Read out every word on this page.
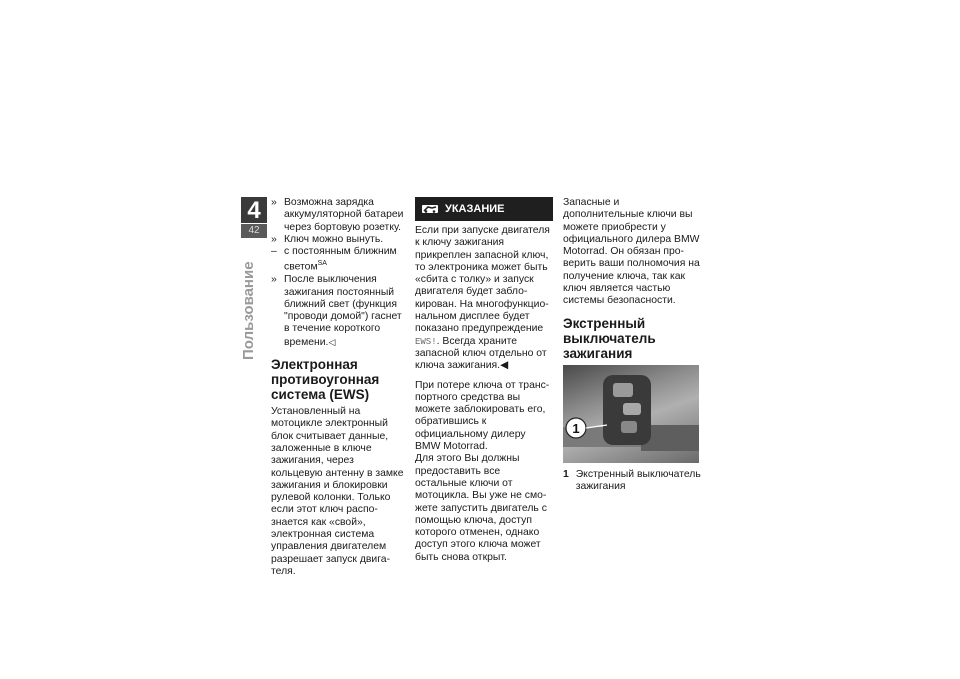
4
42
Пользование
» Возможна зарядка аккумуляторной батареи через бортовую розетку.
» Ключ можно вынуть.
– с постоянным ближним светом$^{SA}$
» После выключения зажигания постоянный ближний свет (функция "проводи домой") гаснет в течение короткого времени.◁
Электронная противоугонная система (EWS)

Установленный на мотоцикле электронный блок считывает данные, заложенные в ключе зажигания, через кольцевую антенну в замке зажигания и блокировки рулевой колонки. Только если этот ключ распознается как «свой», электронная система управления двигателем разрешает запуск двигателя.

УКАЗАНИЕ

Если при запуске двигателя к ключу зажигания прикреплен запасной ключ, то электроника может быть «сбита с толку» и запуск двигателя будет заблокирован. На многофункциональном дисплее будет показано предупреждение EWS!. Всегда храните запасной ключ отдельно от ключа зажигания.◀

При потере ключа от транспортного средства вы можете заблокировать его, обратившись к официальному дилеру BMW Motorrad.

Для этого Вы должны предоставить все остальные ключи от мотоцикла. Вы уже не сможете запустить двигатель с помощью ключа, доступ которого отменен, однако доступ этого ключа может быть снова открыт.

Запасные и дополнительные ключи вы можете приобрести у официального дилера BMW Motorrad. Он обязан проверить ваши полномочия на получение ключа, так как ключ является частью системы безопасности.

Экстренный выключатель зажигания
1
1 Экстренный выключатель зажигания
